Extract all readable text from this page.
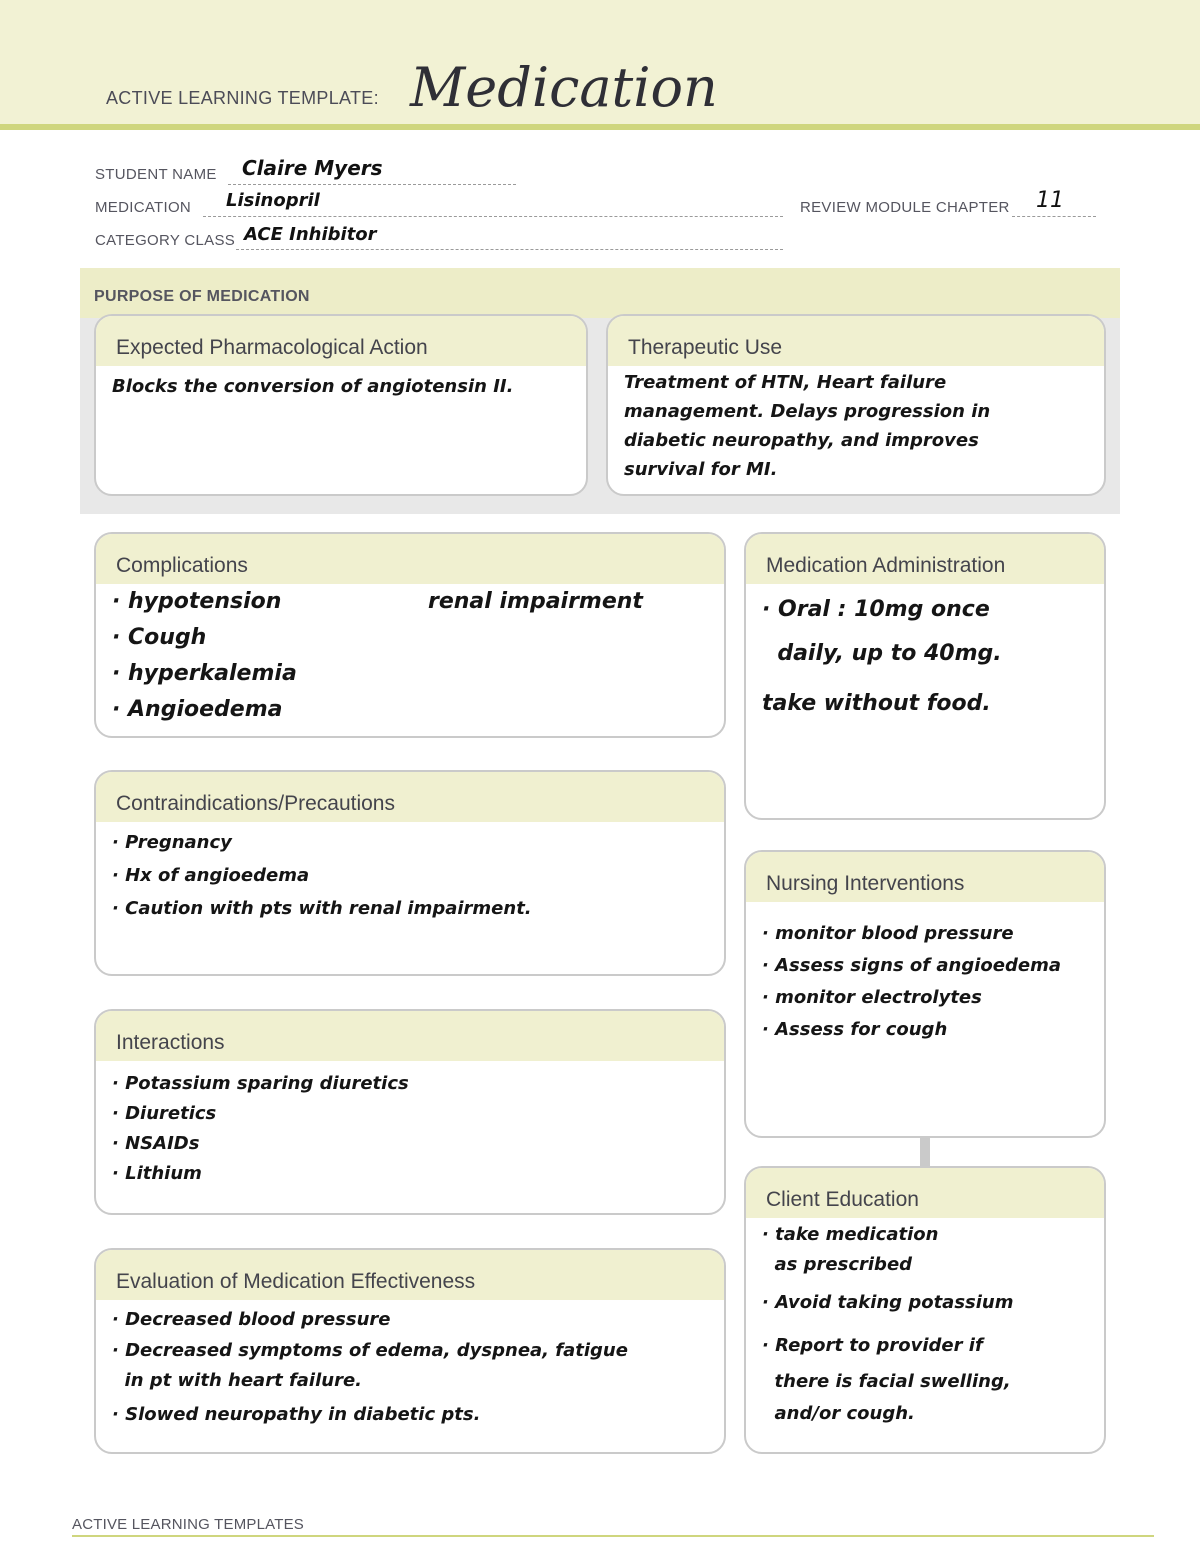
ACTIVE LEARNING TEMPLATE: Medication
STUDENT NAME Claire Myers
MEDICATION Lisinopril	REVIEW MODULE CHAPTER 11
CATEGORY CLASS ACE Inhibitor
PURPOSE OF MEDICATION
Expected Pharmacological Action
Blocks the conversion of angiotensin II.
Therapeutic Use
Treatment of HTN, Heart failure
management. Delays progression in
diabetic neuropathy, and improves
survival for MI.
Complications
· hypotension
· Cough
· hyperkalemia
· Angioedema
renal impairment
Contraindications/Precautions
· Pregnancy
· Hx of angioedema
· Caution with pts with renal impairment.
Interactions
· Potassium sparing diuretics
· Diuretics
· NSAIDs
· Lithium
Evaluation of Medication Effectiveness
· Decreased blood pressure
· Decreased symptoms of edema, dyspnea, fatigue
in pt with heart failure.
· Slowed neuropathy in diabetic pts.
Medication Administration
· Oral : 10mg once
daily, up to 40mg.
take without food.
Nursing Interventions
· monitor blood pressure
· Assess signs of angioedema
· monitor electrolytes
· Assess for cough
Client Education
· take medication
as prescribed
· Avoid taking potassium
· Report to provider if
there is facial swelling,
and/or cough.
ACTIVE LEARNING TEMPLATES
